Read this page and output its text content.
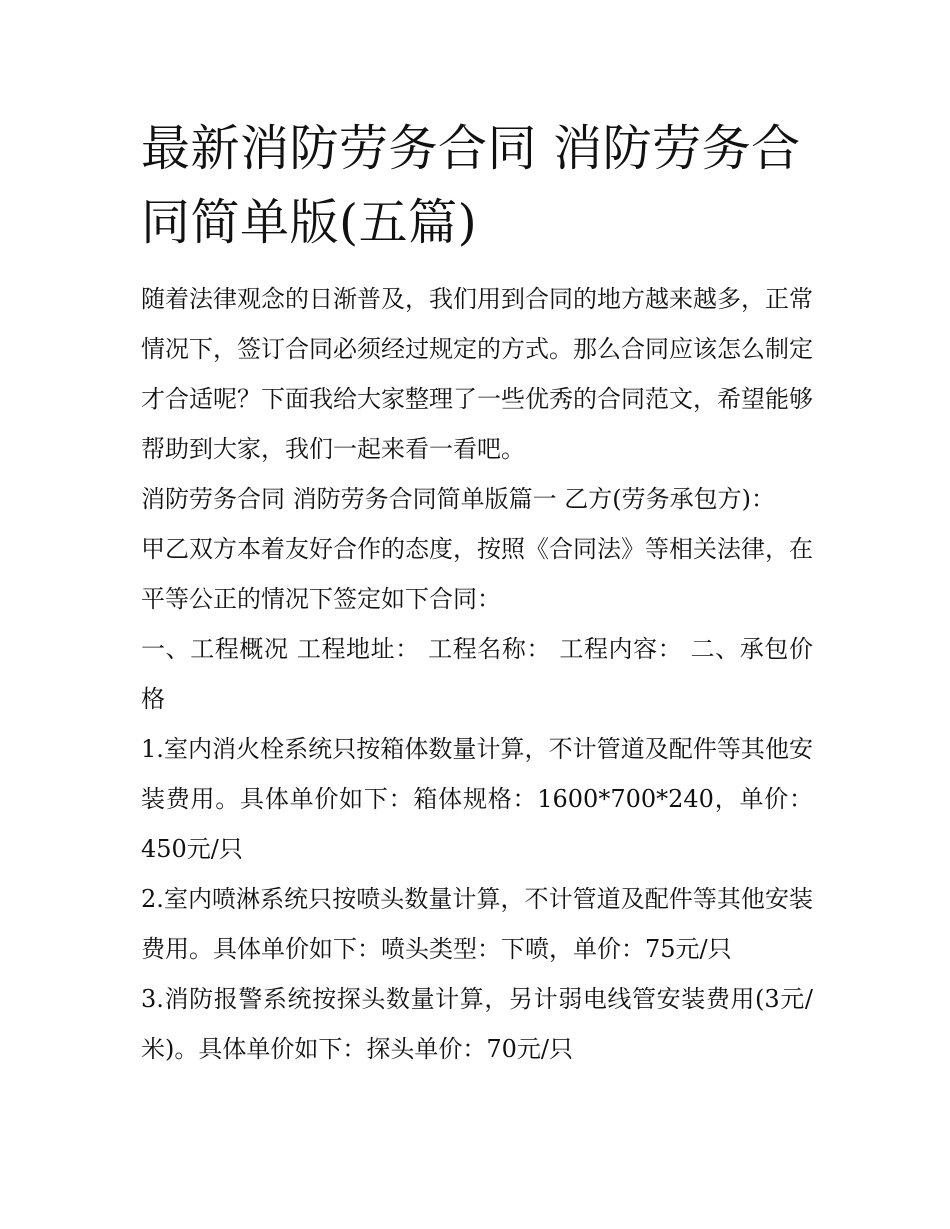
最新消防劳务合同 消防劳务合同简单版(五篇)

随着法律观念的日渐普及，我们用到合同的地方越来越多，正常情况下，签订合同必须经过规定的方式。那么合同应该怎么制定才合适呢？下面我给大家整理了一些优秀的合同范文，希望能够帮助到大家，我们一起来看一看吧。

消防劳务合同 消防劳务合同简单版篇一 乙方(劳务承包方)：

甲乙双方本着友好合作的态度，按照《合同法》等相关法律，在平等公正的情况下签定如下合同：

一、工程概况 工程地址： 工程名称： 工程内容： 二、承包价格

1.室内消火栓系统只按箱体数量计算，不计管道及配件等其他安装费用。具体单价如下：箱体规格：1600*700*240，单价：450元/只

2.室内喷淋系统只按喷头数量计算，不计管道及配件等其他安装费用。具体单价如下：喷头类型：下喷，单价：75元/只

3.消防报警系统按探头数量计算，另计弱电线管安装费用(3元/米)。具体单价如下：探头单价：70元/只
